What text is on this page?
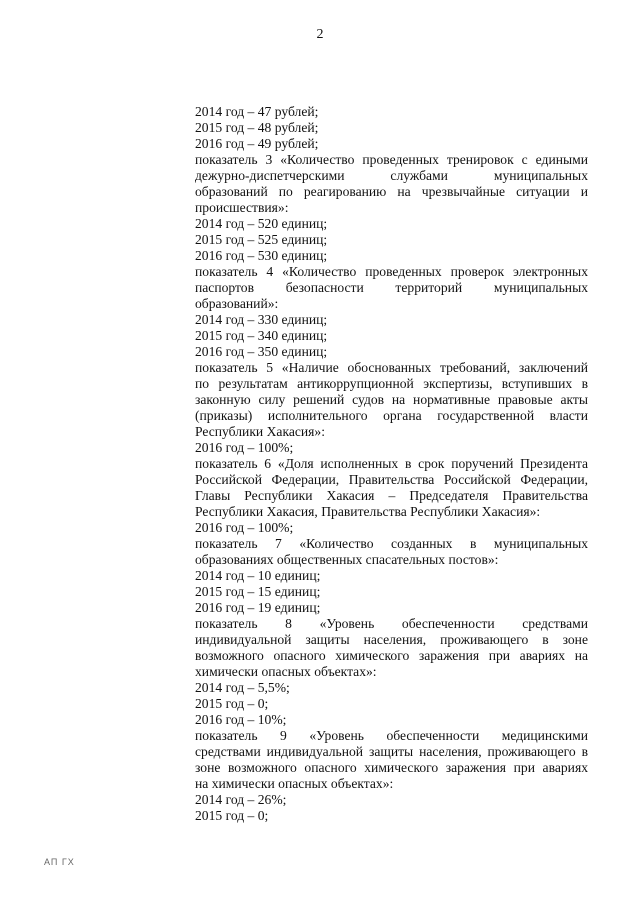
2
2014 год – 47 рублей;
2015 год – 48 рублей;
2016 год – 49 рублей;
показатель 3 «Количество проведенных тренировок с едиными
дежурно-диспетчерскими службами муниципальных
образований по реагированию на чрезвычайные ситуации и
происшествия»:
2014 год – 520 единиц;
2015 год – 525 единиц;
2016 год – 530 единиц;
показатель 4 «Количество проведенных проверок электронных
паспортов безопасности территорий муниципальных
образований»:
2014 год – 330 единиц;
2015 год – 340 единиц;
2016 год – 350 единиц;
показатель 5 «Наличие обоснованных требований, заключений
по результатам антикоррупционной экспертизы, вступивших в
законную силу решений судов на нормативные правовые акты
(приказы) исполнительного органа государственной власти
Республики Хакасия»:
2016 год – 100%;
показатель 6 «Доля исполненных в срок поручений Президента
Российской Федерации, Правительства Российской Федерации,
Главы Республики Хакасия – Председателя Правительства
Республики Хакасия, Правительства Республики Хакасия»:
2016 год – 100%;
показатель 7 «Количество созданных в муниципальных
образованиях общественных спасательных постов»:
2014 год – 10 единиц;
2015 год – 15 единиц;
2016 год – 19 единиц;
показатель 8 «Уровень обеспеченности средствами
индивидуальной защиты населения, проживающего в зоне
возможного опасного химического заражения при авариях на
химически опасных объектах»:
2014 год – 5,5%;
2015 год – 0;
2016 год – 10%;
показатель 9 «Уровень обеспеченности медицинскими
средствами индивидуальной защиты населения, проживающего в
зоне возможного опасного химического заражения при авариях
на химически опасных объектах»:
2014 год – 26%;
2015 год – 0;
АП ГХ
